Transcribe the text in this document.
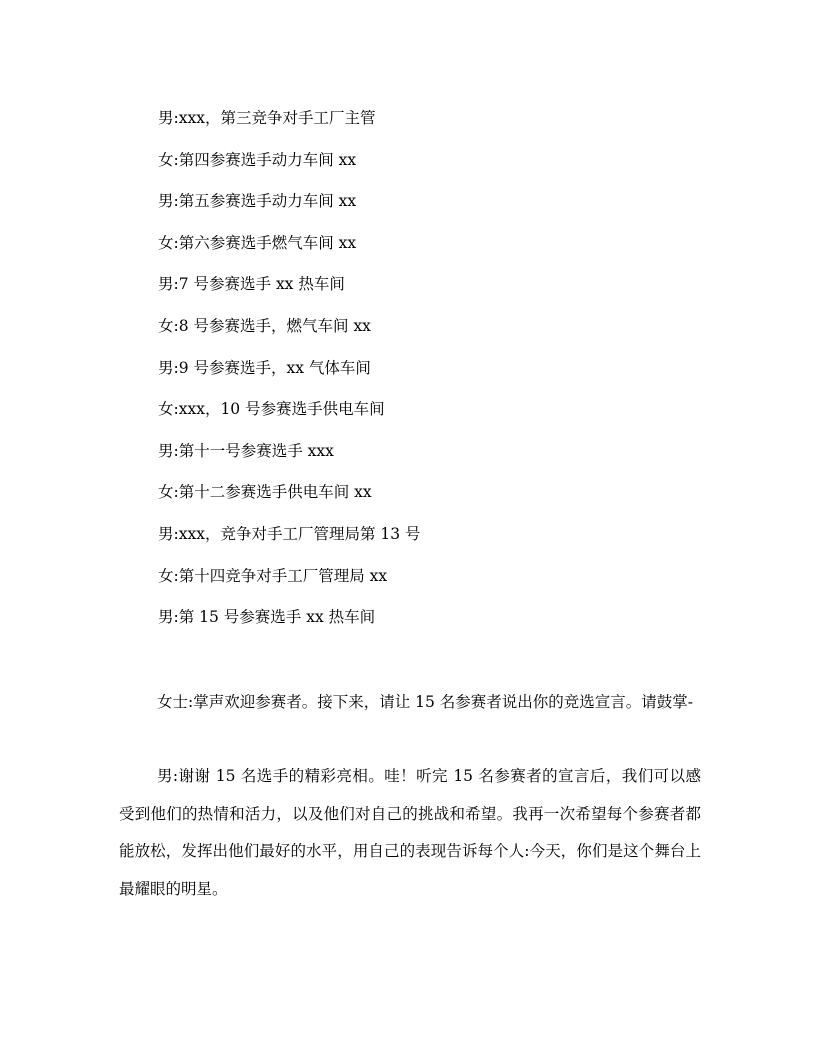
男:xxx，第三竞争对手工厂主管
女:第四参赛选手动力车间 xx
男:第五参赛选手动力车间 xx
女:第六参赛选手燃气车间 xx
男:7 号参赛选手 xx 热车间
女:8 号参赛选手，燃气车间 xx
男:9 号参赛选手，xx 气体车间
女:xxx，10 号参赛选手供电车间
男:第十一号参赛选手 xxx
女:第十二参赛选手供电车间 xx
男:xxx，竞争对手工厂管理局第 13 号
女:第十四竞争对手工厂管理局 xx
男:第 15 号参赛选手 xx 热车间

女士:掌声欢迎参赛者。接下来，请让 15 名参赛者说出你的竞选宣言。请鼓掌-

男:谢谢 15 名选手的精彩亮相。哇！听完 15 名参赛者的宣言后，我们可以感受到他们的热情和活力，以及他们对自己的挑战和希望。我再一次希望每个参赛者都能放松，发挥出他们最好的水平，用自己的表现告诉每个人:今天，你们是这个舞台上最耀眼的明星。
